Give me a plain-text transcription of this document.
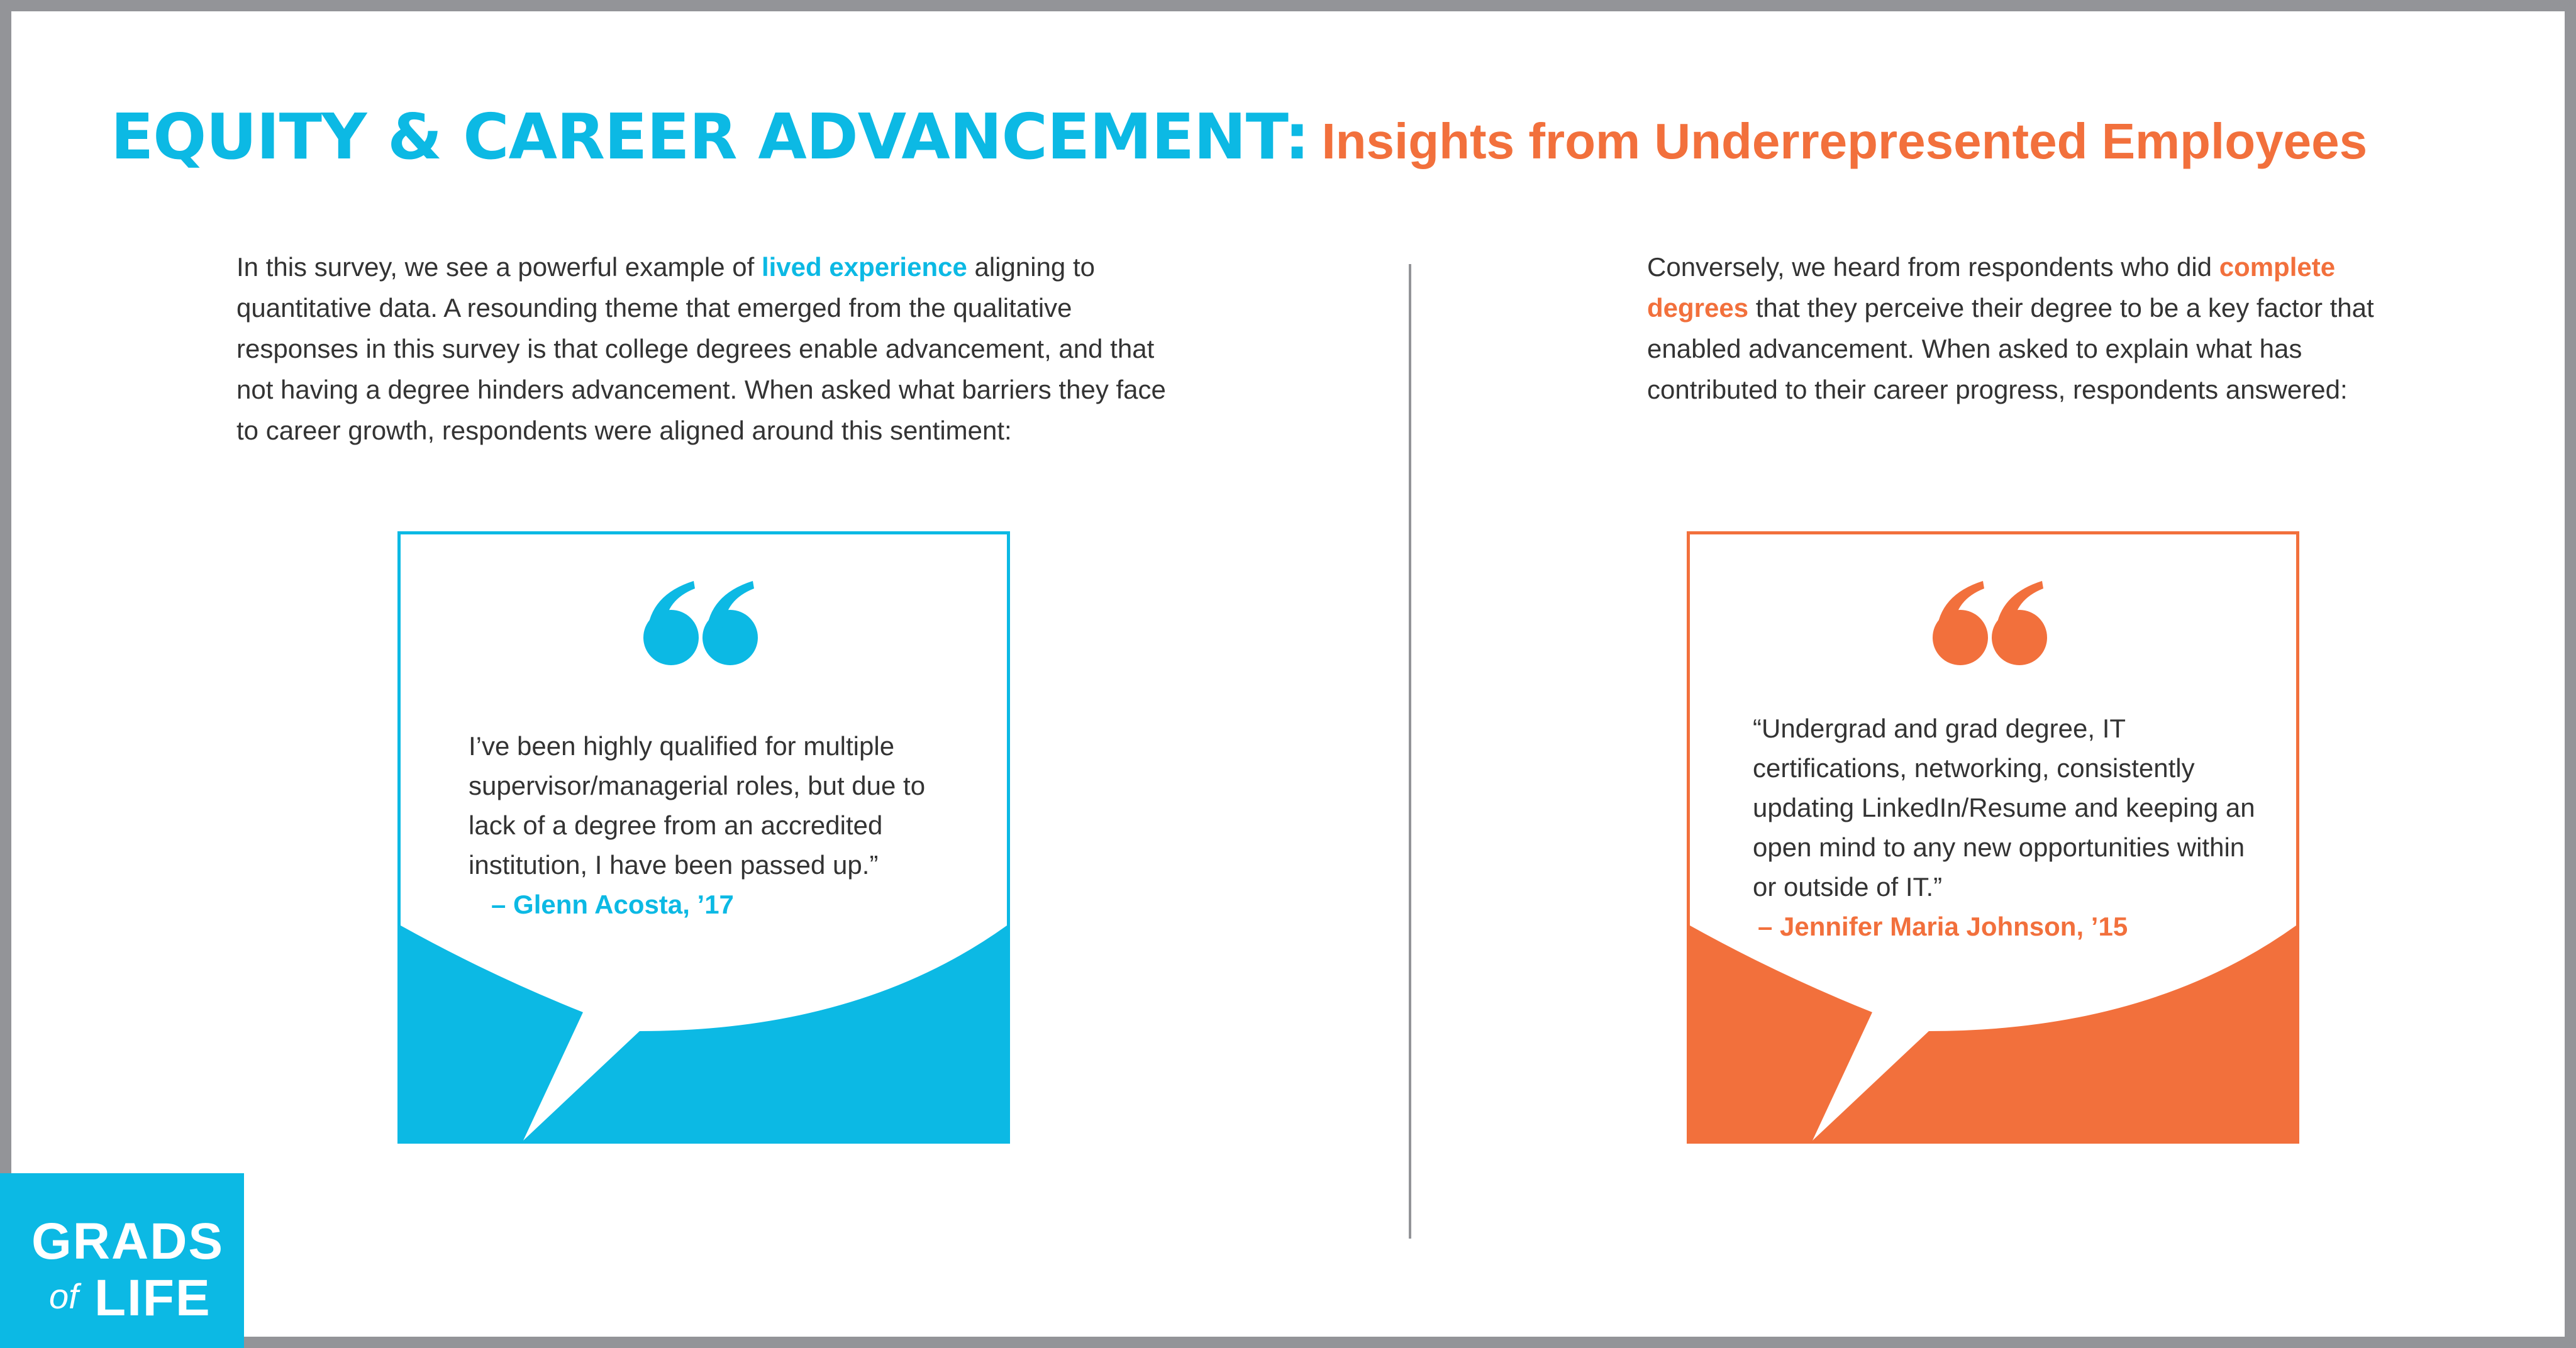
EQUITY & CAREER ADVANCEMENT: Insights from Underrepresented Employees
In this survey, we see a powerful example of lived experience aligning to quantitative data. A resounding theme that emerged from the qualitative responses in this survey is that college degrees enable advancement, and that not having a degree hinders advancement. When asked what barriers they face to career growth, respondents were aligned around this sentiment:
Conversely, we heard from respondents who did complete degrees that they perceive their degree to be a key factor that enabled advancement. When asked to explain what has contributed to their career progress, respondents answered:
I’ve been highly qualified for multiple supervisor/managerial roles, but due to lack of a degree from an accredited institution, I have been passed up.”
– Glenn Acosta, ’17
“Undergrad and grad degree, IT certifications, networking, consistently updating LinkedIn/Resume and keeping an open mind to any new opportunities within or outside of IT.”
– Jennifer Maria Johnson, ’15
GRADS
of LIFE
